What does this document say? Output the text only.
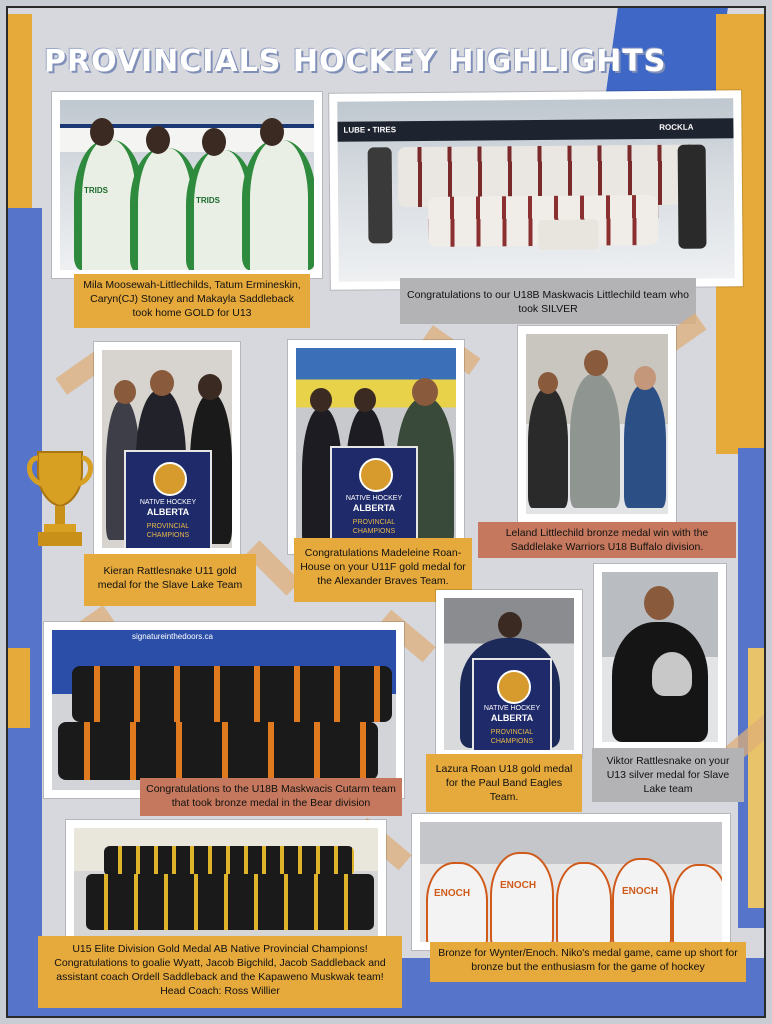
PROVINCIALS HOCKEY HIGHLIGHTS
TRIDS
TRIDS
Mila Moosewah-Littlechilds, Tatum Ermineskin, Caryn(CJ) Stoney and Makayla Saddleback took home GOLD for U13
LUBE • TIRES	ROCKLA
Congratulations to our U18B Maskwacis Littlechild team who took SILVER
NATIVE HOCKEY
ALBERTA
PROVINCIAL CHAMPIONS
Kieran Rattlesnake U11 gold medal for the Slave Lake Team
NATIVE HOCKEY
ALBERTA
PROVINCIAL CHAMPIONS
Congratulations Madeleine Roan-House on your U11F gold medal for the Alexander Braves Team.
Leland Littlechild bronze medal win with the Saddlelake Warriors U18 Buffalo division.
signatureinthedoors.ca
Congratulations to the U18B Maskwacis Cutarm team that took bronze medal in the Bear division
NATIVE HOCKEY
ALBERTA
PROVINCIAL CHAMPIONS
Lazura Roan U18 gold medal for the Paul Band Eagles Team.
Viktor Rattlesnake on your U13 silver medal for Slave Lake team
U15 Elite Division Gold Medal AB Native Provincial Champions! Congratulations to goalie Wyatt, Jacob Bigchild, Jacob Saddleback and assistant coach Ordell Saddleback and the Kapaweno Muskwak team! Head Coach: Ross Willier
ENOCH
ENOCH
ENOCH
Bronze for Wynter/Enoch. Niko's medal game, came up short for bronze but the enthusiasm for the game of hockey
